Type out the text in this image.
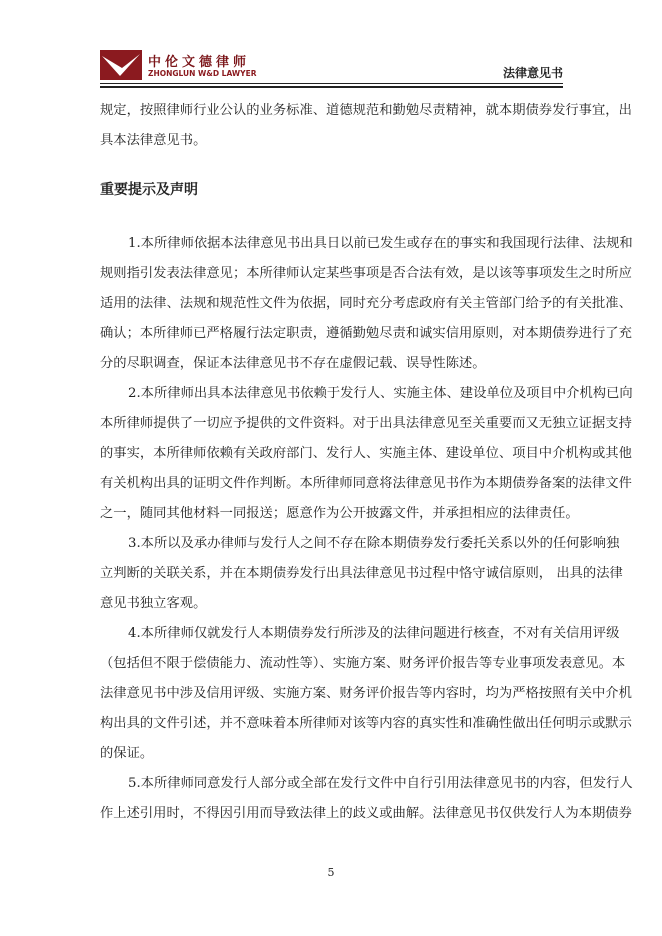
中伦文德律师
ZHONGLUN W&D LAWYER	法律意见书
规定，按照律师行业公认的业务标准、道德规范和勤勉尽责精神，就本期债券发行事宜，出
具本法律意见书。
重要提示及声明
1.本所律师依据本法律意见书出具日以前已发生或存在的事实和我国现行法律、法规和
规则指引发表法律意见；本所律师认定某些事项是否合法有效，是以该等事项发生之时所应
适用的法律、法规和规范性文件为依据，同时充分考虑政府有关主管部门给予的有关批准、
确认；本所律师已严格履行法定职责，遵循勤勉尽责和诚实信用原则，对本期债券进行了充
分的尽职调查，保证本法律意见书不存在虚假记载、误导性陈述。
2.本所律师出具本法律意见书依赖于发行人、实施主体、建设单位及项目中介机构已向
本所律师提供了一切应予提供的文件资料。对于出具法律意见至关重要而又无独立证据支持
的事实，本所律师依赖有关政府部门、发行人、实施主体、建设单位、项目中介机构或其他
有关机构出具的证明文件作判断。本所律师同意将法律意见书作为本期债券备案的法律文件
之一，随同其他材料一同报送；愿意作为公开披露文件，并承担相应的法律责任。
3.本所以及承办律师与发行人之间不存在除本期债券发行委托关系以外的任何影响独
立判断的关联关系，并在本期债券发行出具法律意见书过程中恪守诚信原则， 出具的法律
意见书独立客观。
4.本所律师仅就发行人本期债券发行所涉及的法律问题进行核查，不对有关信用评级
（包括但不限于偿债能力、流动性等）、实施方案、财务评价报告等专业事项发表意见。本
法律意见书中涉及信用评级、实施方案、财务评价报告等内容时，均为严格按照有关中介机
构出具的文件引述，并不意味着本所律师对该等内容的真实性和准确性做出任何明示或默示
的保证。
5.本所律师同意发行人部分或全部在发行文件中自行引用法律意见书的内容，但发行人
作上述引用时，不得因引用而导致法律上的歧义或曲解。法律意见书仅供发行人为本期债券
5
